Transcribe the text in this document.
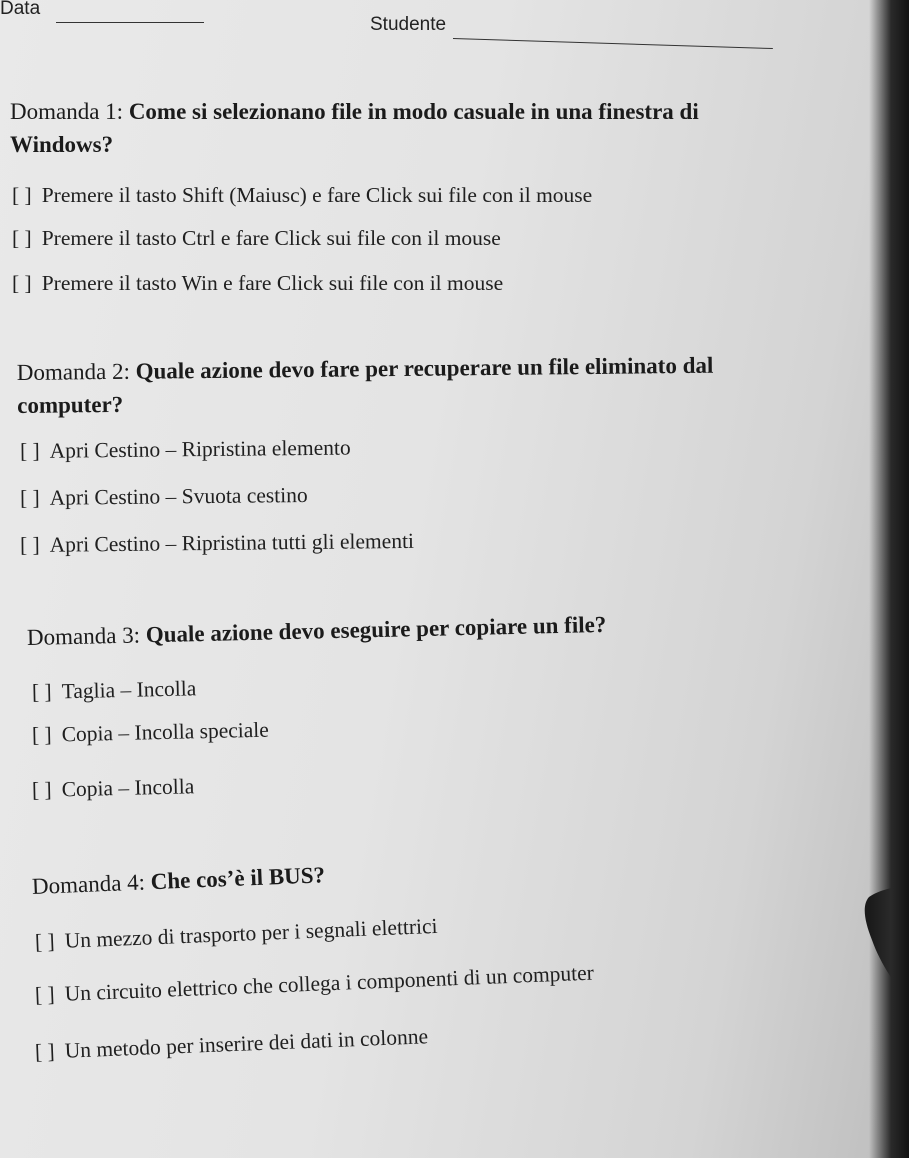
Data
Studente
Domanda 1: Come si selezionano file in modo casuale in una finestra di
Windows?
[ ] Premere il tasto Shift (Maiusc) e fare Click sui file con il mouse
[ ] Premere il tasto Ctrl e fare Click sui file con il mouse
[ ] Premere il tasto Win e fare Click sui file con il mouse
Domanda 2: Quale azione devo fare per recuperare un file eliminato dal
computer?
[ ] Apri Cestino – Ripristina elemento
[ ] Apri Cestino – Svuota cestino
[ ] Apri Cestino – Ripristina tutti gli elementi
Domanda 3: Quale azione devo eseguire per copiare un file?
[ ] Taglia – Incolla
[ ] Copia – Incolla speciale
[ ] Copia – Incolla
Domanda 4: Che cos’è il BUS?
[ ] Un mezzo di trasporto per i segnali elettrici
[ ] Un circuito elettrico che collega i componenti di un computer
[ ] Un metodo per inserire dei dati in colonne
